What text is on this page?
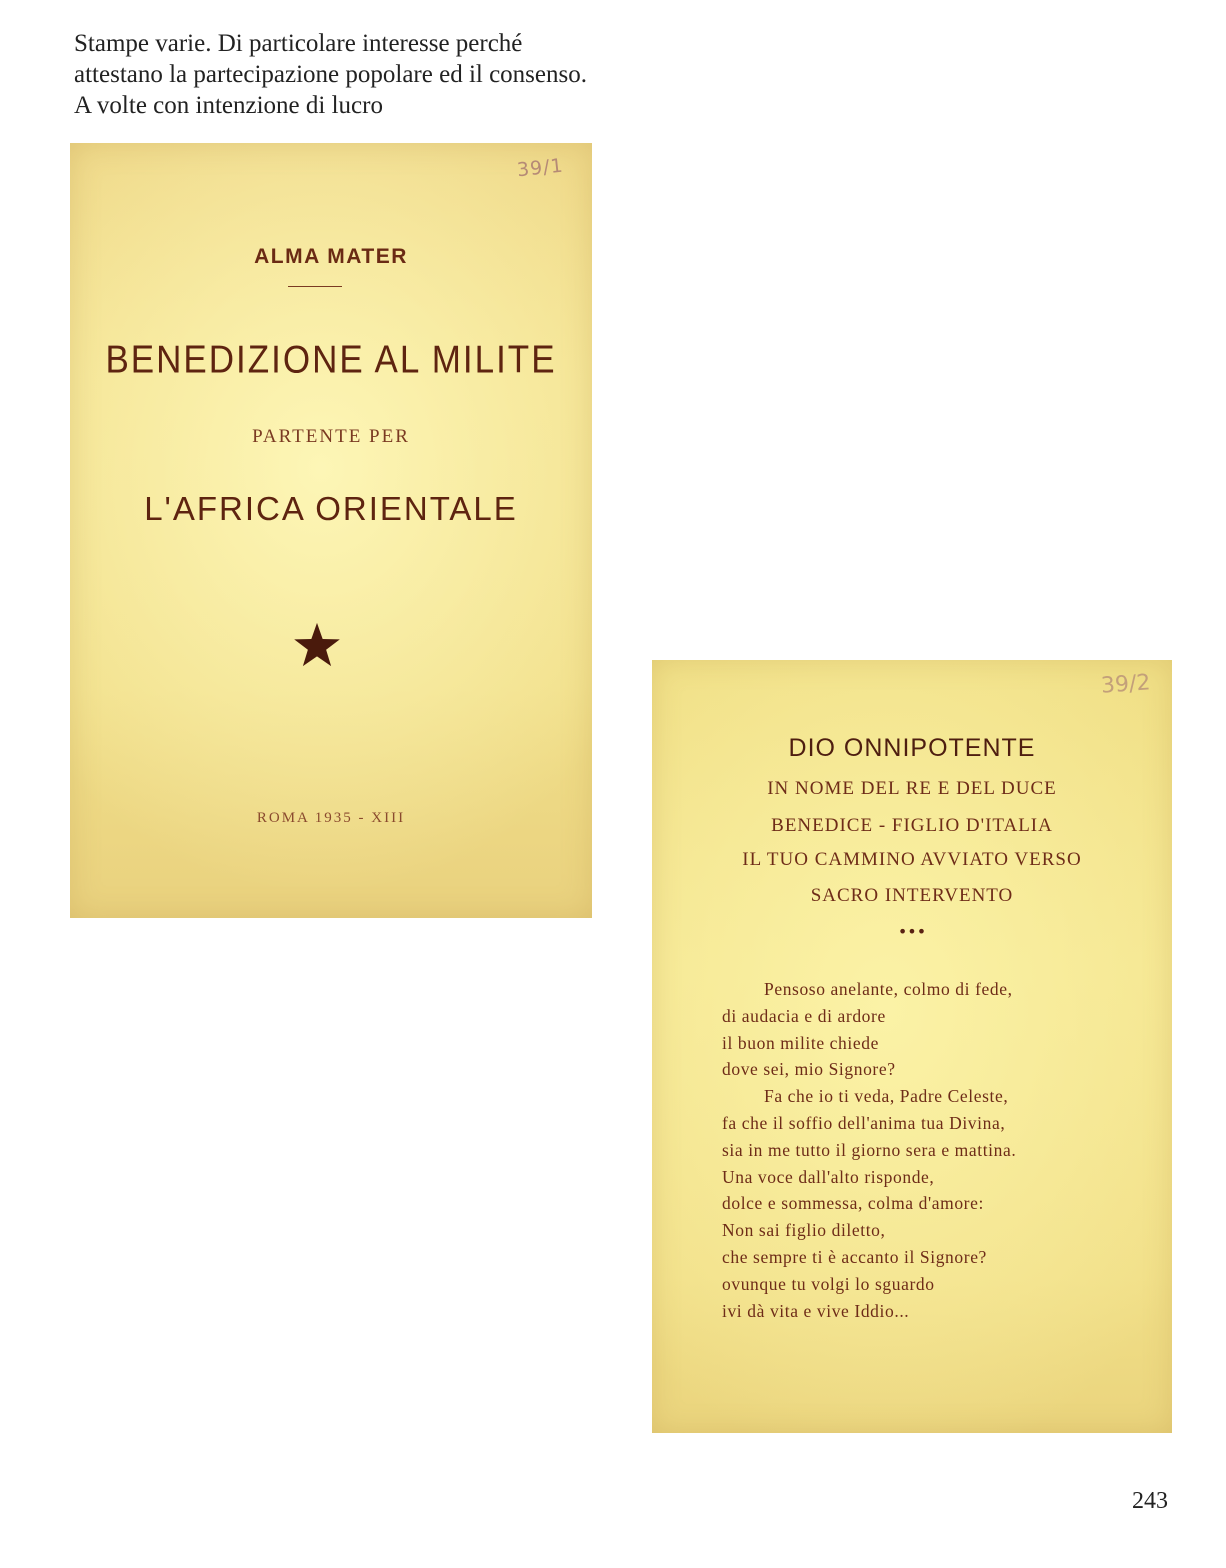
Stampe varie. Di particolare interesse perché
attestano la partecipazione popolare ed il consenso.
A volte con intenzione di lucro
39/1
ALMA MATER
BENEDIZIONE AL MILITE
PARTENTE PER
L'AFRICA ORIENTALE
ROMA 1935 - XIII
39/2
DIO ONNIPOTENTE
IN NOME DEL RE E DEL DUCE
BENEDICE - FIGLIO D'ITALIA
IL TUO CAMMINO AVVIATO VERSO
SACRO INTERVENTO
•••
Pensoso anelante, colmo di fede,
di audacia e di ardore
il buon milite chiede
dove sei, mio Signore?
Fa che io ti veda, Padre Celeste,
fa che il soffio dell'anima tua Divina,
sia in me tutto il giorno sera e mattina.
Una voce dall'alto risponde,
dolce e sommessa, colma d'amore:
Non sai figlio diletto,
che sempre ti è accanto il Signore?
ovunque tu volgi lo sguardo
ivi dà vita e vive Iddio...
243
